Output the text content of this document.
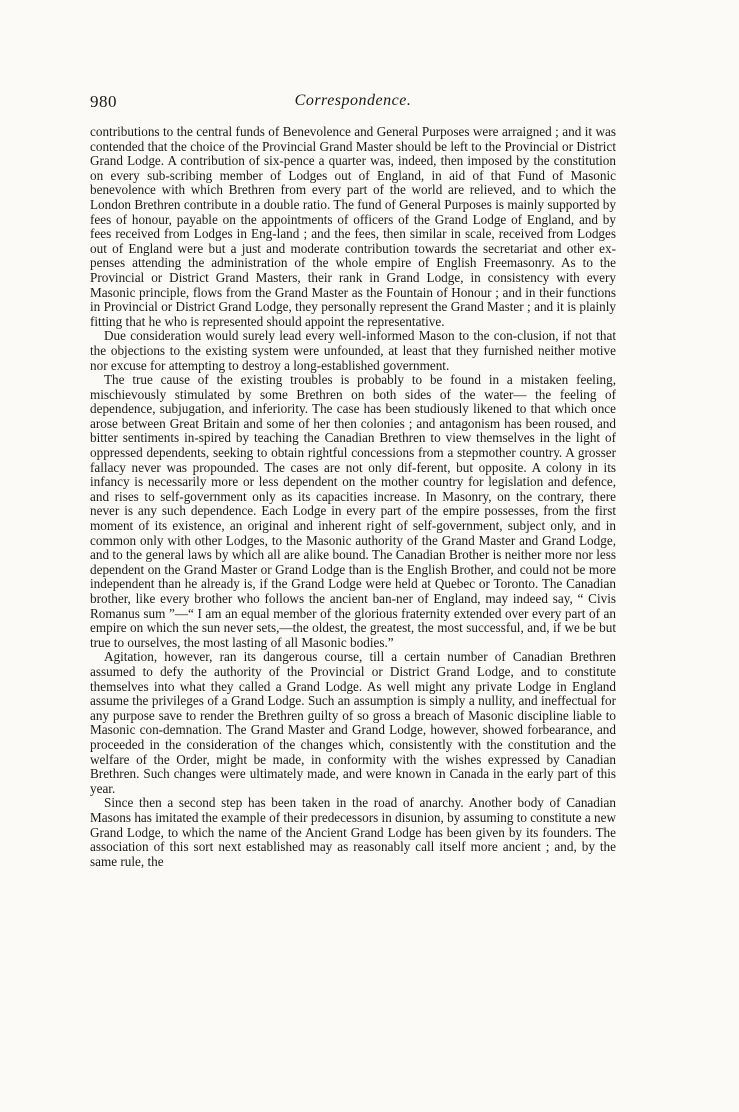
980	Correspondence.

contributions to the central funds of Benevolence and General Purposes were arraigned ; and it was contended that the choice of the Provincial Grand Master should be left to the Provincial or District Grand Lodge. A contribution of six-pence a quarter was, indeed, then imposed by the constitution on every sub-scribing member of Lodges out of England, in aid of that Fund of Masonic benevolence with which Brethren from every part of the world are relieved, and to which the London Brethren contribute in a double ratio. The fund of General Purposes is mainly supported by fees of honour, payable on the appointments of officers of the Grand Lodge of England, and by fees received from Lodges in Eng-land ; and the fees, then similar in scale, received from Lodges out of England were but a just and moderate contribution towards the secretariat and other ex-penses attending the administration of the whole empire of English Freemasonry. As to the Provincial or District Grand Masters, their rank in Grand Lodge, in consistency with every Masonic principle, flows from the Grand Master as the Fountain of Honour ; and in their functions in Provincial or District Grand Lodge, they personally represent the Grand Master ; and it is plainly fitting that he who is represented should appoint the representative.

Due consideration would surely lead every well-informed Mason to the con-clusion, if not that the objections to the existing system were unfounded, at least that they furnished neither motive nor excuse for attempting to destroy a long-established government.

The true cause of the existing troubles is probably to be found in a mistaken feeling, mischievously stimulated by some Brethren on both sides of the water— the feeling of dependence, subjugation, and inferiority. The case has been studiously likened to that which once arose between Great Britain and some of her then colonies ; and antagonism has been roused, and bitter sentiments in-spired by teaching the Canadian Brethren to view themselves in the light of oppressed dependents, seeking to obtain rightful concessions from a stepmother country. A grosser fallacy never was propounded. The cases are not only dif-ferent, but opposite. A colony in its infancy is necessarily more or less dependent on the mother country for legislation and defence, and rises to self-government only as its capacities increase. In Masonry, on the contrary, there never is any such dependence. Each Lodge in every part of the empire possesses, from the first moment of its existence, an original and inherent right of self-government, subject only, and in common only with other Lodges, to the Masonic authority of the Grand Master and Grand Lodge, and to the general laws by which all are alike bound. The Canadian Brother is neither more nor less dependent on the Grand Master or Grand Lodge than is the English Brother, and could not be more independent than he already is, if the Grand Lodge were held at Quebec or Toronto. The Canadian brother, like every brother who follows the ancient ban-ner of England, may indeed say, “ Civis Romanus sum ”—“ I am an equal member of the glorious fraternity extended over every part of an empire on which the sun never sets,—the oldest, the greatest, the most successful, and, if we be but true to ourselves, the most lasting of all Masonic bodies.”

Agitation, however, ran its dangerous course, till a certain number of Canadian Brethren assumed to defy the authority of the Provincial or District Grand Lodge, and to constitute themselves into what they called a Grand Lodge. As well might any private Lodge in England assume the privileges of a Grand Lodge. Such an assumption is simply a nullity, and ineffectual for any purpose save to render the Brethren guilty of so gross a breach of Masonic discipline liable to Masonic con-demnation. The Grand Master and Grand Lodge, however, showed forbearance, and proceeded in the consideration of the changes which, consistently with the constitution and the welfare of the Order, might be made, in conformity with the wishes expressed by Canadian Brethren. Such changes were ultimately made, and were known in Canada in the early part of this year.

Since then a second step has been taken in the road of anarchy. Another body of Canadian Masons has imitated the example of their predecessors in disunion, by assuming to constitute a new Grand Lodge, to which the name of the Ancient Grand Lodge has been given by its founders. The association of this sort next established may as reasonably call itself more ancient ; and, by the same rule, the
